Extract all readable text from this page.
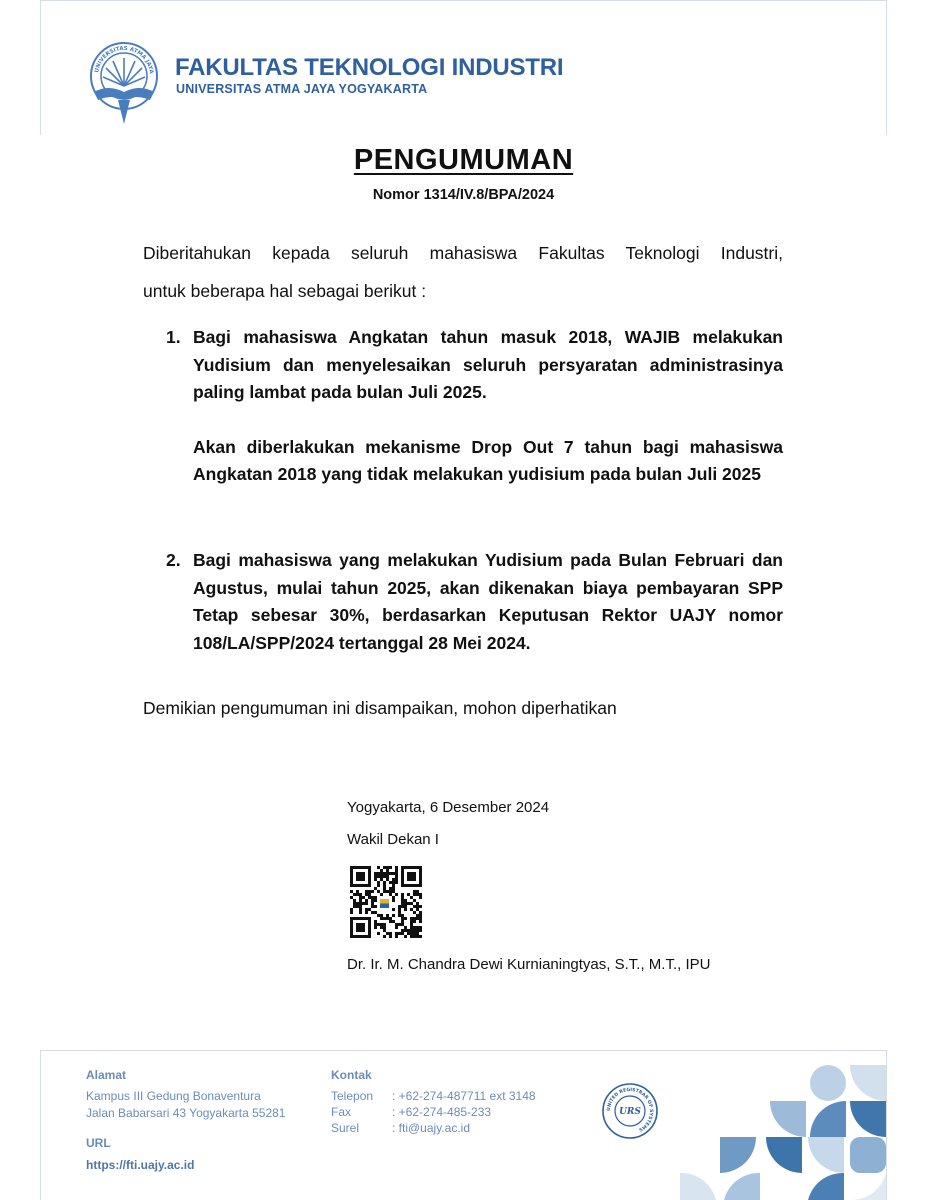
UNIVERSITAS ATMA JAYA FAKULTAS TEKNOLOGI INDUSTRI
UNIVERSITAS ATMA JAYA YOGYAKARTA
PENGUMUMAN
Nomor 1314/IV.8/BPA/2024
Diberitahukan kepada seluruh mahasiswa Fakultas Teknologi Industri,
untuk beberapa hal sebagai berikut :
1. Bagi mahasiswa Angkatan tahun masuk 2018, WAJIB melakukan Yudisium dan menyelesaikan seluruh persyaratan administrasinya paling lambat pada bulan Juli 2025.
Akan diberlakukan mekanisme Drop Out 7 tahun bagi mahasiswa Angkatan 2018 yang tidak melakukan yudisium pada bulan Juli 2025
2. Bagi mahasiswa yang melakukan Yudisium pada Bulan Februari dan Agustus, mulai tahun 2025, akan dikenakan biaya pembayaran SPP Tetap sebesar 30%, berdasarkan Keputusan Rektor UAJY nomor 108/LA/SPP/2024 tertanggal 28 Mei 2024.
Demikian pengumuman ini disampaikan, mohon diperhatikan
Yogyakarta, 6 Desember 2024
Wakil Dekan I
Dr. Ir. M. Chandra Dewi Kurnianingtyas, S.T., M.T., IPU
Alamat
Kampus III Gedung Bonaventura
Jalan Babarsari 43 Yogyakarta 55281
URL
https://fti.uajy.ac.id
Kontak
Telepon : +62-274-487711 ext 3148
Fax	: +62-274-485-233
Surel	: fti@uajy.ac.id
UNITED REGISTRAR OF SYSTEMS
URS
